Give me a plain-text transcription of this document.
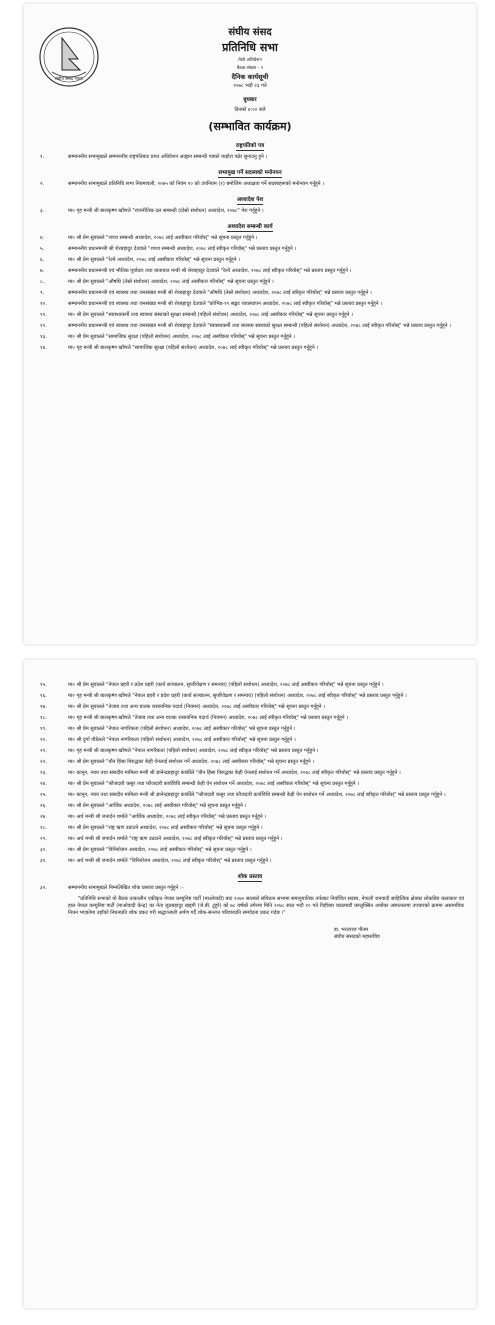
संघीय संसद नेपाल
संघीय संसद
प्रतिनिधि सभा
तेस्रो अधिवेशन
बैठक संख्या - १
दैनिक कार्यसूची
२०७८ भदौ २३ गते
बुधबार
दिनको ४:०० बजे
(सम्भावित कार्यक्रम)
राष्ट्रपतिको पत्र
१.	सम्माननीय सभामुखले सम्माननीय राष्ट्रपतिबाट प्राप्त अधिवेशन आह्वान सम्बन्धी पत्रको व्यहोरा पढेर सुनाउनु हुने ।
सभामुख गर्ने सदस्यको मनोनयन
२.	सम्माननीय सभामुखले प्रतिनिधि सभा नियमावली, २०७५ को नियम १० को उपनियम (१) बमोजिम अध्यक्षता गर्ने सदस्यहरूको मनोनयन गर्नुहुने ।
अध्यादेश पेश
३.	मा० गृह मन्त्री श्री बालकृष्ण खाँणले "राजनीतिक दल सम्बन्धी (दोस्रो संशोधन) अध्यादेश, २०७८" पेश गर्नुहुने ।
अध्यादेश सम्बन्धी कार्य
४.	मा० श्री प्रेम सुवालले "शपथ सम्बन्धी अध्यादेश, २०७८ लाई अस्वीकार गरियोस्" भन्ने सूचना प्रस्तुत गर्नुहुने ।
५.	सम्माननीय प्रधानमन्त्री श्री शेरबहादुर देउवाले "शपथ सम्बन्धी अध्यादेश, २०७८ लाई स्वीकृत गरियोस्" भन्ने प्रस्ताव प्रस्तुत गर्नुहुने ।
६.	मा० श्री प्रेम सुवालले "रेल्वे अध्यादेश, २०७८ लाई अस्वीकार गरियोस्" भन्ने सूचना प्रस्तुत गर्नुहुने ।
७.	सम्माननीय प्रधानमन्त्री एवं भौतिक पूर्वाधार तथा यातायात मन्त्री श्री शेरबहादुर देउवाले "रेल्वे अध्यादेश, २०७८ लाई स्वीकृत गरियोस्" भन्ने प्रस्ताव प्रस्तुत गर्नुहुने ।
८.	मा० श्री प्रेम सुवालले "औषधि (तेस्रो संशोधन) अध्यादेश, २०७८ लाई अस्वीकार गरियोस्" भन्ने सूचना प्रस्तुत गर्नुहुने ।
९.	सम्माननीय प्रधानमन्त्री एवं स्वास्थ्य तथा जनसंख्या मन्त्री श्री शेरबहादुर देउवाले "औषधि (तेस्रो संशोधन) अध्यादेश, २०७८ लाई स्वीकृत गरियोस्" भन्ने प्रस्ताव प्रस्तुत गर्नुहुने ।
१०.	सम्माननीय प्रधानमन्त्री एवं स्वास्थ्य तथा जनसंख्या मन्त्री श्री शेरबहादुर देउवाले "कोभिड-१९ सङ्कट व्यवस्थापन अध्यादेश, २०७८ लाई स्वीकृत गरियोस्" भन्ने प्रस्ताव प्रस्तुत गर्नुहुने ।
११.	मा० श्री प्रेम सुवालले "स्वास्थ्यकर्मी तथा स्वास्थ्य संस्थाको सुरक्षा सम्बन्धी (पहिलो संशोधन) अध्यादेश, २०७८ लाई अस्वीकार गरियोस्" भन्ने सूचना प्रस्तुत गर्नुहुने ।
१२.	सम्माननीय प्रधानमन्त्री एवं स्वास्थ्य तथा जनसंख्या मन्त्री श्री शेरबहादुर देउवाले "स्वास्थ्यकर्मी तथा स्वास्थ्य संस्थाको सुरक्षा सम्बन्धी (पहिलो संशोधन) अध्यादेश, २०७८ लाई स्वीकृत गरियोस्" भन्ने प्रस्ताव प्रस्तुत गर्नुहुने ।
१३.	मा० श्री प्रेम सुवालले "सामाजिक सुरक्षा (पहिलो संशोधन) अध्यादेश, २०७८ लाई अस्वीकार गरियोस्" भन्ने सूचना प्रस्तुत गर्नुहुने ।
१४.	मा० गृह मन्त्री श्री बालकृष्ण खाँणले "सामाजिक सुरक्षा (पहिलो संशोधन) अध्यादेश, २०७८ लाई स्वीकृत गरियोस्" भन्ने प्रस्ताव प्रस्तुत गर्नुहुने ।
१५.	मा० श्री प्रेम सुवालले "नेपाल प्रहरी र प्रदेश प्रहरी (कार्य सञ्चालन, सुपरिवेक्षण र समन्वय) (पहिलो संशोधन) अध्यादेश, २०७८ लाई अस्वीकार गरियोस्" भन्ने सूचना प्रस्तुत गर्नुहुने ।
१६.	मा० गृह मन्त्री श्री बालकृष्ण खाँणले "नेपाल प्रहरी र प्रदेश प्रहरी (कार्य सञ्चालन, सुपरिवेक्षण र समन्वय) (पहिलो संशोधन) अध्यादेश, २०७८ लाई स्वीकृत गरियोस्" भन्ने प्रस्ताव प्रस्तुत गर्नुहुने ।
१७.	मा० श्री प्रेम सुवालले "तेजाब तथा अन्य घातक रासायनिक पदार्थ (नियमन) अध्यादेश, २०७८ लाई अस्वीकार गरियोस्" भन्ने सूचना प्रस्तुत गर्नुहुने ।
१८.	मा० गृह मन्त्री श्री बालकृष्ण खाँणले "तेजाब तथा अन्य घातक रासायनिक पदार्थ (नियमन) अध्यादेश, २०७८ लाई स्वीकृत गरियोस्" भन्ने प्रस्ताव प्रस्तुत गर्नुहुने ।
१९.	मा० श्री प्रेम सुवालले "नेपाल नागरिकता (पहिलो संशोधन) अध्यादेश, २०७८ लाई अस्वीकार गरियोस्" भन्ने सूचना प्रस्तुत गर्नुहुने ।
२०.	मा० श्री दुर्गा पौडेलले "नेपाल नागरिकता (पहिलो संशोधन) अध्यादेश, २०७८ लाई अस्वीकार गरियोस्" भन्ने सूचना प्रस्तुत गर्नुहुने ।
२१.	मा० गृह मन्त्री श्री बालकृष्ण खाँणले "नेपाल नागरिकता (पहिलो संशोधन) अध्यादेश, २०७८ लाई स्वीकृत गरियोस्" भन्ने प्रस्ताव प्रस्तुत गर्नुहुने ।
२२.	मा० श्री प्रेम सुवालले "यौन हिंसा विरुद्धका केही ऐनलाई संशोधन गर्ने अध्यादेश, २०७८ लाई अस्वीकार गरियोस्" भन्ने सूचना प्रस्तुत गर्नुहुने ।
२३.	मा० कानून, न्याय तथा संसदीय मामिला मन्त्री श्री ज्ञानेन्द्रबहादुर कार्कीले "यौन हिंसा विरुद्धका केही ऐनलाई संशोधन गर्ने अध्यादेश, २०७८ लाई स्वीकृत गरियोस्" भन्ने प्रस्ताव प्रस्तुत गर्नुहुने ।
२४.	मा० श्री प्रेम सुवालले "फौजदारी कसुर तथा फौजदारी कार्यविधि सम्बन्धी केही ऐन संशोधन गर्ने अध्यादेश, २०७८ लाई अस्वीकार गरियोस्" भन्ने सूचना प्रस्तुत गर्नुहुने ।
२५.	मा० कानून, न्याय तथा संसदीय मामिला मन्त्री श्री ज्ञानेन्द्रबहादुर कार्कीले "फौजदारी कसुर तथा फौजदारी कार्यविधि सम्बन्धी केही ऐन संशोधन गर्ने अध्यादेश, २०७८ लाई स्वीकृत गरियोस्" भन्ने प्रस्ताव प्रस्तुत गर्नुहुने ।
२६.	मा० श्री प्रेम सुवालले "आर्थिक अध्यादेश, २०७८ लाई अस्वीकार गरियोस्" भन्ने सूचना प्रस्तुत गर्नुहुने ।
२७.	मा० अर्थ मन्त्री श्री जनार्दन शर्माले "आर्थिक अध्यादेश, २०७८ लाई स्वीकृत गरियोस्" भन्ने प्रस्ताव प्रस्तुत गर्नुहुने ।
२८.	मा० श्री प्रेम सुवालले "राष्ट्र ऋण उठाउने अध्यादेश, २०७८ लाई अस्वीकार गरियोस्" भन्ने सूचना प्रस्तुत गर्नुहुने ।
२९.	मा० अर्थ मन्त्री श्री जनार्दन शर्माले "राष्ट्र ऋण उठाउने अध्यादेश, २०७८ लाई स्वीकृत गरियोस्" भन्ने प्रस्ताव प्रस्तुत गर्नुहुने ।
३०.	मा० श्री प्रेम सुवालले "विनियोजन अध्यादेश, २०७८ लाई अस्वीकार गरियोस्" भन्ने सूचना प्रस्तुत गर्नुहुने ।
३१.	मा० अर्थ मन्त्री श्री जनार्दन शर्माले "विनियोजन अध्यादेश, २०७८ लाई स्वीकृत गरियोस्" भन्ने प्रस्ताव प्रस्तुत गर्नुहुने ।
शोक प्रस्ताव
३२.	सम्माननीय सभामुखले निम्नलिखित शोक प्रस्ताव प्रस्तुत गर्नुहुने :-
"प्रतिनिधि सभाको यो बैठक तत्कालीन एकीकृत नेपाल कम्युनिष्ट पार्टी (माओवादी) बाट २०७० सालको संविधान सभामा समानुपातिक तर्फबाट निर्वाचित सदस्य, नेपाली जनवादी साहित्यिक क्षेत्रका लोकप्रिय कलाकार एवं हाल नेपाल कम्युनिष्ट पार्टी (माओवादी केन्द्र) का नेता जुठबहादुर खड्गी (जे.बी. टुहुरे) को ७८ वर्षको उमेरमा मिति २०७८ साल भदौ १० गते विहीबार काठमाडौं कम्लुक्सित अचोंका अस्पतालमा उपचारको क्रममा असामयिक निधन भएकोमा उहाँको निधनप्रति शोक प्रकट गरी श्रद्धाञ्जली अर्पण गर्दै शोक-सन्तप्त परिवारप्रति समवेदना प्रकट गर्दछ ।"
डा. भरतराज गौतम संघीय संसदको महासचिव
